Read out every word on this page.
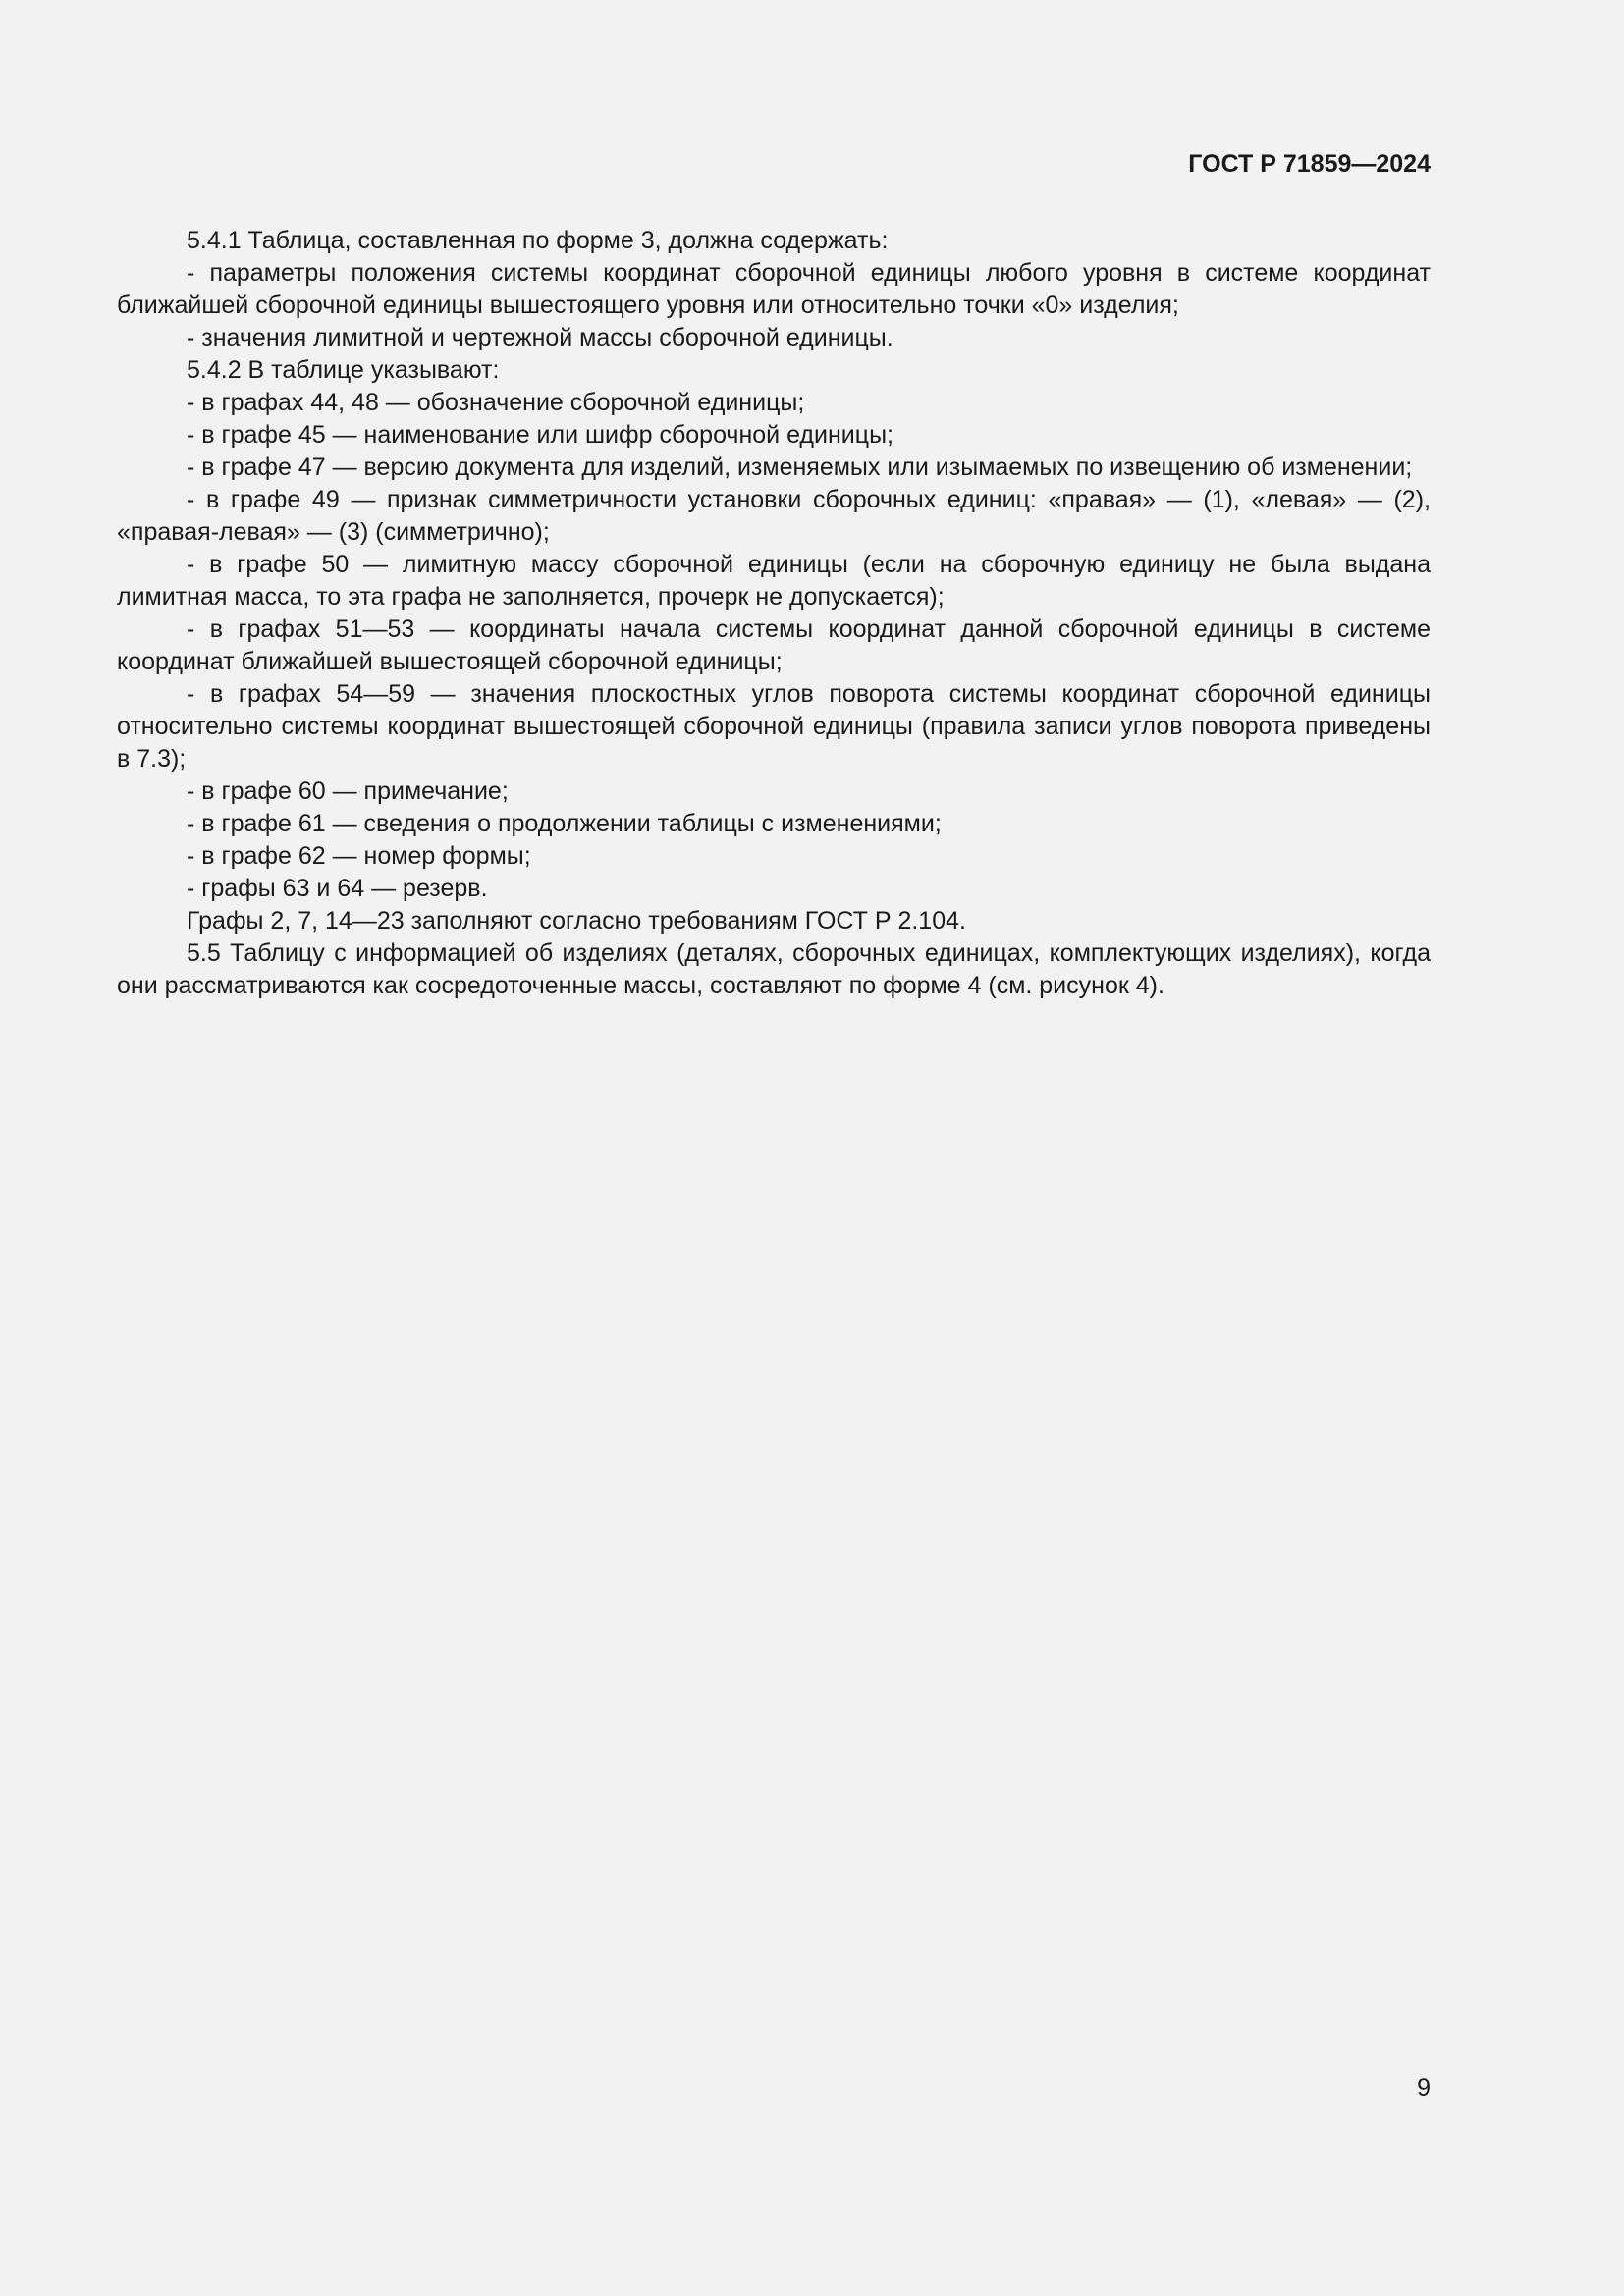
ГОСТ Р 71859—2024

5.4.1 Таблица, составленная по форме 3, должна содержать:

- параметры положения системы координат сборочной единицы любого уровня в системе координат ближайшей сборочной единицы вышестоящего уровня или относительно точки «0» изделия;

- значения лимитной и чертежной массы сборочной единицы.

5.4.2 В таблице указывают:

- в графах 44, 48 — обозначение сборочной единицы;

- в графе 45 — наименование или шифр сборочной единицы;

- в графе 47 — версию документа для изделий, изменяемых или изымаемых по извещению об изменении;

- в графе 49 — признак симметричности установки сборочных единиц: «правая» — (1), «левая» — (2), «правая-левая» — (3) (симметрично);

- в графе 50 — лимитную массу сборочной единицы (если на сборочную единицу не была выдана лимитная масса, то эта графа не заполняется, прочерк не допускается);

- в графах 51—53 — координаты начала системы координат данной сборочной единицы в системе координат ближайшей вышестоящей сборочной единицы;

- в графах 54—59 — значения плоскостных углов поворота системы координат сборочной единицы относительно системы координат вышестоящей сборочной единицы (правила записи углов поворота приведены в 7.3);

- в графе 60 — примечание;

- в графе 61 — сведения о продолжении таблицы с изменениями;

- в графе 62 — номер формы;

- графы 63 и 64 — резерв.

Графы 2, 7, 14—23 заполняют согласно требованиям ГОСТ Р 2.104.

5.5 Таблицу с информацией об изделиях (деталях, сборочных единицах, комплектующих изделиях), когда они рассматриваются как сосредоточенные массы, составляют по форме 4 (см. рисунок 4).

9
